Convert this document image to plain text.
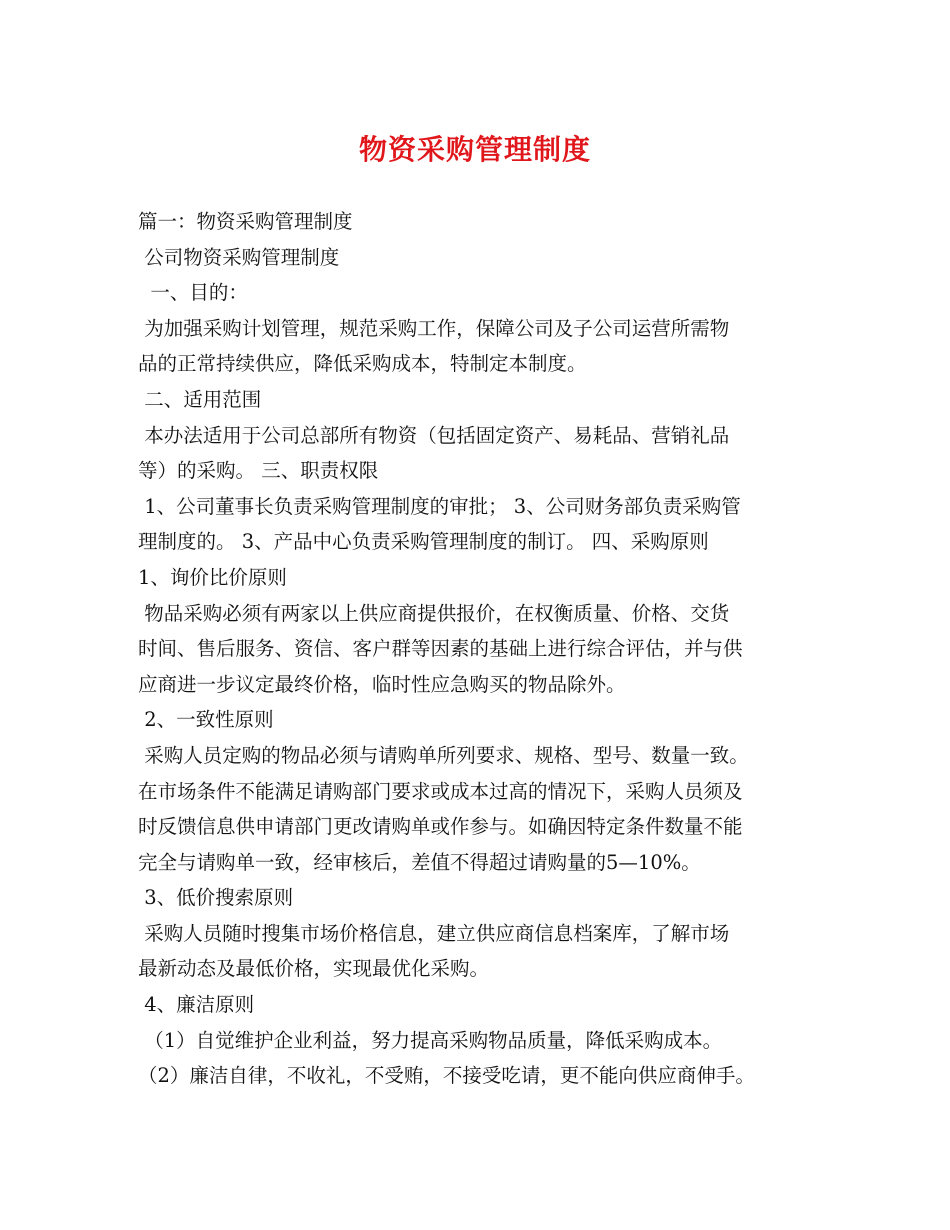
物资采购管理制度
篇一：物资采购管理制度
公司物资采购管理制度
一、目的：
为加强采购计划管理，规范采购工作，保障公司及子公司运营所需物
品的正常持续供应，降低采购成本，特制定本制度。
二、适用范围
本办法适用于公司总部所有物资（包括固定资产、易耗品、营销礼品
等）的采购。 三、职责权限
1、公司董事长负责采购管理制度的审批； 3、公司财务部负责采购管
理制度的。 3、产品中心负责采购管理制度的制订。 四、采购原则
1、询价比价原则
物品采购必须有两家以上供应商提供报价，在权衡质量、价格、交货
时间、售后服务、资信、客户群等因素的基础上进行综合评估，并与供
应商进一步议定最终价格，临时性应急购买的物品除外。
2、一致性原则
采购人员定购的物品必须与请购单所列要求、规格、型号、数量一致。
在市场条件不能满足请购部门要求或成本过高的情况下，采购人员须及
时反馈信息供申请部门更改请购单或作参与。如确因特定条件数量不能
完全与请购单一致，经审核后，差值不得超过请购量的5—10%。
3、低价搜索原则
采购人员随时搜集市场价格信息，建立供应商信息档案库，了解市场
最新动态及最低价格，实现最优化采购。
4、廉洁原则
（1）自觉维护企业利益，努力提高采购物品质量，降低采购成本。
（2）廉洁自律，不收礼，不受贿，不接受吃请，更不能向供应商伸手。
